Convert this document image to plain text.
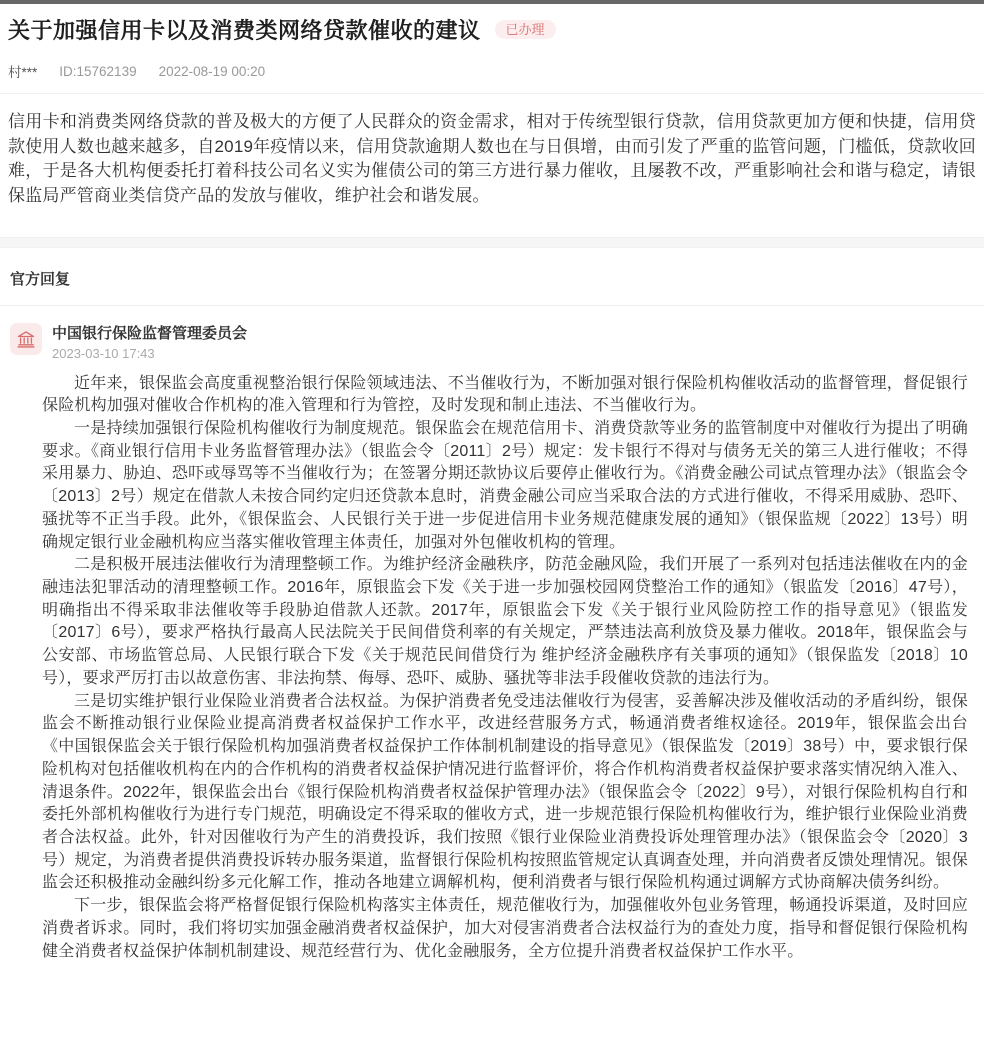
关于加强信用卡以及消费类网络贷款催收的建议	已办理
村*** ID:15762139 2022-08-19 00:20

信用卡和消费类网络贷款的普及极大的方便了人民群众的资金需求，相对于传统型银行贷款，信用贷款更加方便和快捷，信用贷款使用人数也越来越多，自2019年疫情以来，信用贷款逾期人数也在与日俱增，由而引发了严重的监管问题，门槛低，贷款收回难，于是各大机构便委托打着科技公司名义实为催债公司的第三方进行暴力催收，且屡教不改，严重影响社会和谐与稳定，请银保监局严管商业类信贷产品的发放与催收，维护社会和谐发展。

官方回复
中国银行保险监督管理委员会
2023-03-10 17:43

近年来，银保监会高度重视整治银行保险领域违法、不当催收行为，不断加强对银行保险机构催收活动的监督管理，督促银行保险机构加强对催收合作机构的准入管理和行为管控，及时发现和制止违法、不当催收行为。

一是持续加强银行保险机构催收行为制度规范。银保监会在规范信用卡、消费贷款等业务的监管制度中对催收行为提出了明确要求。《商业银行信用卡业务监督管理办法》（银监会令〔2011〕2号）规定：发卡银行不得对与债务无关的第三人进行催收；不得采用暴力、胁迫、恐吓或辱骂等不当催收行为；在签署分期还款协议后要停止催收行为。《消费金融公司试点管理办法》（银监会令〔2013〕2号）规定在借款人未按合同约定归还贷款本息时，消费金融公司应当采取合法的方式进行催收，不得采用威胁、恐吓、骚扰等不正当手段。此外，《银保监会、人民银行关于进一步促进信用卡业务规范健康发展的通知》（银保监规〔2022〕13号）明确规定银行业金融机构应当落实催收管理主体责任，加强对外包催收机构的管理。

二是积极开展违法催收行为清理整顿工作。为维护经济金融秩序，防范金融风险，我们开展了一系列对包括违法催收在内的金融违法犯罪活动的清理整顿工作。2016年，原银监会下发《关于进一步加强校园网贷整治工作的通知》（银监发〔2016〕47号），明确指出不得采取非法催收等手段胁迫借款人还款。2017年，原银监会下发《关于银行业风险防控工作的指导意见》（银监发〔2017〕6号），要求严格执行最高人民法院关于民间借贷利率的有关规定，严禁违法高利放贷及暴力催收。2018年，银保监会与公安部、市场监管总局、人民银行联合下发《关于规范民间借贷行为 维护经济金融秩序有关事项的通知》（银保监发〔2018〕10号），要求严厉打击以故意伤害、非法拘禁、侮辱、恐吓、威胁、骚扰等非法手段催收贷款的违法行为。

三是切实维护银行业保险业消费者合法权益。为保护消费者免受违法催收行为侵害，妥善解决涉及催收活动的矛盾纠纷，银保监会不断推动银行业保险业提高消费者权益保护工作水平，改进经营服务方式，畅通消费者维权途径。2019年，银保监会出台《中国银保监会关于银行保险机构加强消费者权益保护工作体制机制建设的指导意见》（银保监发〔2019〕38号）中，要求银行保险机构对包括催收机构在内的合作机构的消费者权益保护情况进行监督评价，将合作机构消费者权益保护要求落实情况纳入准入、清退条件。2022年，银保监会出台《银行保险机构消费者权益保护管理办法》（银保监会令〔2022〕9号），对银行保险机构自行和委托外部机构催收行为进行专门规范，明确设定不得采取的催收方式，进一步规范银行保险机构催收行为，维护银行业保险业消费者合法权益。此外，针对因催收行为产生的消费投诉，我们按照《银行业保险业消费投诉处理管理办法》（银保监会令〔2020〕3号）规定，为消费者提供消费投诉转办服务渠道，监督银行保险机构按照监管规定认真调查处理，并向消费者反馈处理情况。银保监会还积极推动金融纠纷多元化解工作，推动各地建立调解机构，便利消费者与银行保险机构通过调解方式协商解决债务纠纷。

下一步，银保监会将严格督促银行保险机构落实主体责任，规范催收行为，加强催收外包业务管理，畅通投诉渠道，及时回应消费者诉求。同时，我们将切实加强金融消费者权益保护，加大对侵害消费者合法权益行为的查处力度，指导和督促银行保险机构健全消费者权益保护体制机制建设、规范经营行为、优化金融服务，全方位提升消费者权益保护工作水平。
